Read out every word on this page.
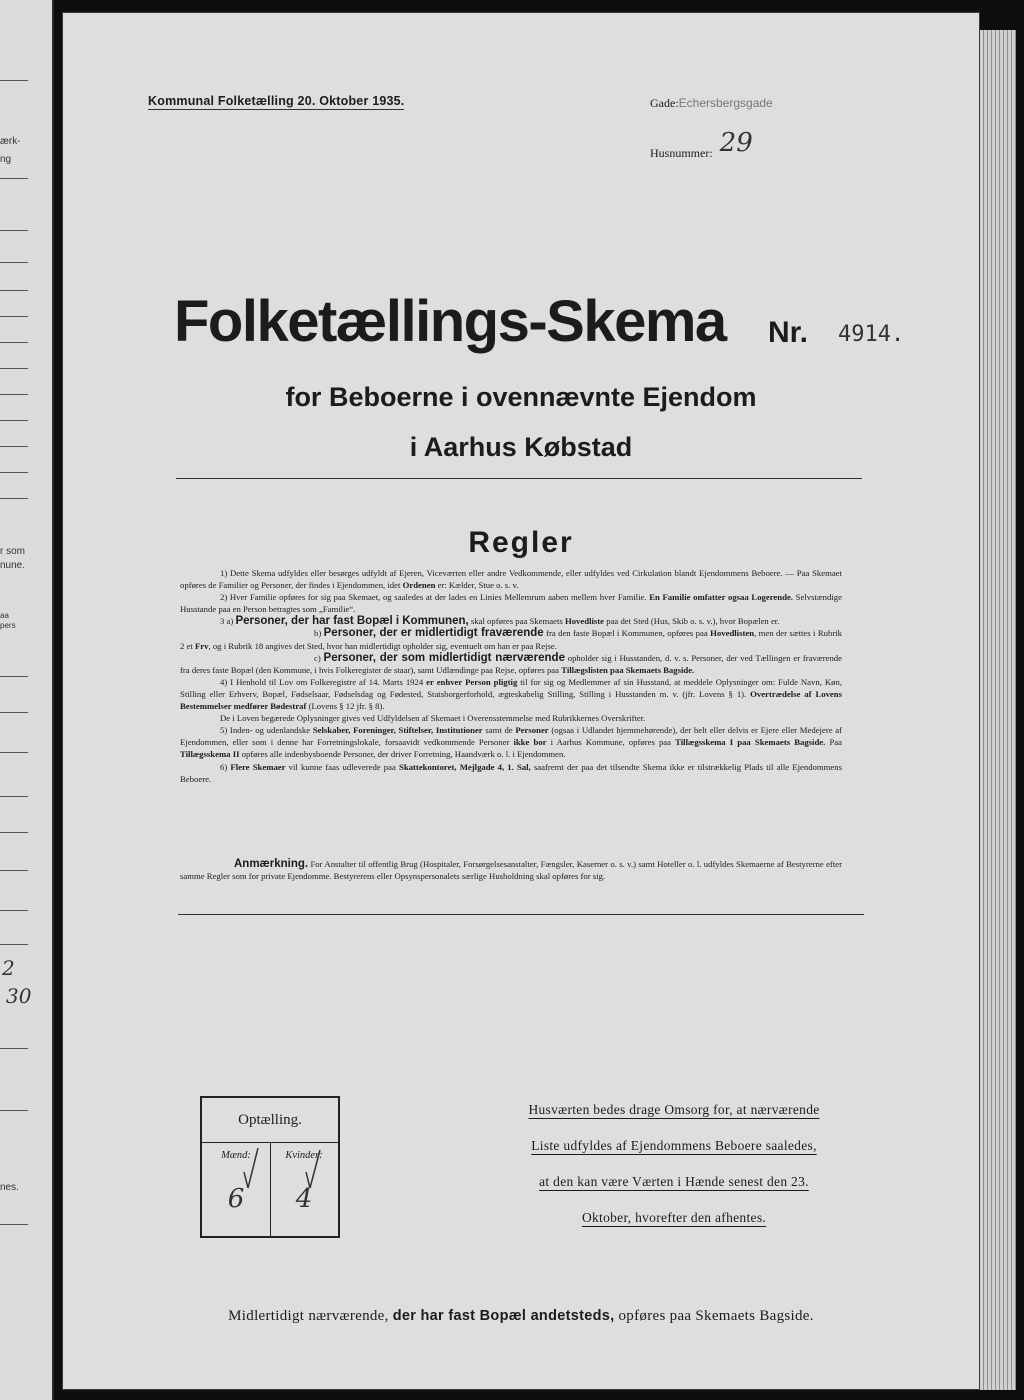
ærk-
ng
r som
nune.
aa
pers
2
30
nes.
Kommunal Folketælling 20. Oktober 1935.	Gade:Echersbergsgade
Husnummer: 29
Folketællings-Skema	Nr. 4914.
for Beboerne i ovennævnte Ejendom
i Aarhus Købstad
Regler

1) Dette Skema udfyldes eller besørges udfyldt af Ejeren, Viceværten eller andre Vedkommende, eller udfyldes ved Cirkulation blandt Ejendommens Beboere. — Paa Skemaet opføres de Familier og Personer, der findes i Ejendommen, idet Ordenen er: Kælder, Stue o. s. v.

2) Hver Familie opføres for sig paa Skemaet, og saaledes at der lades en Linies Mellemrum aaben mellem hver Familie. En Familie omfatter ogsaa Logerende. Selvstændige Husstande paa en Person betragtes som „Familie“.

3 a) Personer, der har fast Bopæl i Kommunen, skal opføres paa Skemaets Hovedliste paa det Sted (Hus, Skib o. s. v.), hvor Bopælen er.

b) Personer, der er midlertidigt fraværende fra den faste Bopæl i Kommunen, opføres paa Hovedlisten, men der sættes i Rubrik 2 et Frv, og i Rubrik 18 angives det Sted, hvor han midlertidigt opholder sig, eventuelt om han er paa Rejse.

c) Personer, der som midlertidigt nærværende opholder sig i Husstanden, d. v. s. Personer, der ved Tællingen er fraværende fra deres faste Bopæl (den Kommune, i hvis Folkeregister de staar), samt Udlændinge paa Rejse, opføres paa Tillægslisten paa Skemaets Bagside.

4) I Henhold til Lov om Folkeregistre af 14. Marts 1924 er enhver Person pligtig til for sig og Medlemmer af sin Husstand, at meddele Oplysninger om: Fulde Navn, Køn, Stilling eller Erhverv, Bopæl, Fødselsaar, Fødselsdag og Fødested, Statsborgerforhold, ægteskabelig Stilling, Stilling i Husstanden m. v. (jfr. Lovens § 1). Overtrædelse af Lovens Bestemmelser medfører Bødestraf (Lovens § 12 jfr. § 8).

De i Loven begærede Oplysninger gives ved Udfyldelsen af Skemaet i Overensstemmelse med Rubrikkernes Overskrifter.

5) Inden- og udenlandske Selskaber, Foreninger, Stiftelser, Institutioner samt de Personer (ogsaa i Udlandet hjemmehørende), der helt eller delvis er Ejere eller Medejere af Ejendommen, eller som i denne har Forretningslokale, forsaavidt vedkommende Personer ikke bor i Aarhus Kommune, opføres paa Tillægsskema I paa Skemaets Bagside. Paa Tillægsskema II opføres alle indenbysboende Personer, der driver Forretning, Haandværk o. l. i Ejendommen.

6) Flere Skemaer vil kunne faas udleverede paa Skattekontoret, Mejlgade 4, 1. Sal, saafremt der paa det tilsendte Skema ikke er tilstrækkelig Plads til alle Ejendommens Beboere.

Anmærkning. For Anstalter til offentlig Brug (Hospitaler, Forsørgelsesanstalter, Fængsler, Kaserner o. s. v.) samt Hoteller o. l. udfyldes Skemaerne af Bestyrerne efter samme Regler som for private Ejendomme. Bestyrerens eller Opsynspersonalets særlige Husholdning skal opføres for sig.

Optælling.
Mænd:	Kvinder:
6	4
Husværten bedes drage Omsorg for, at nærværende
Liste udfyldes af Ejendommens Beboere saaledes,
at den kan være Værten i Hænde senest den 23.
Oktober, hvorefter den afhentes.
Midlertidigt nærværende, der har fast Bopæl andetsteds, opføres paa Skemaets Bagside.
